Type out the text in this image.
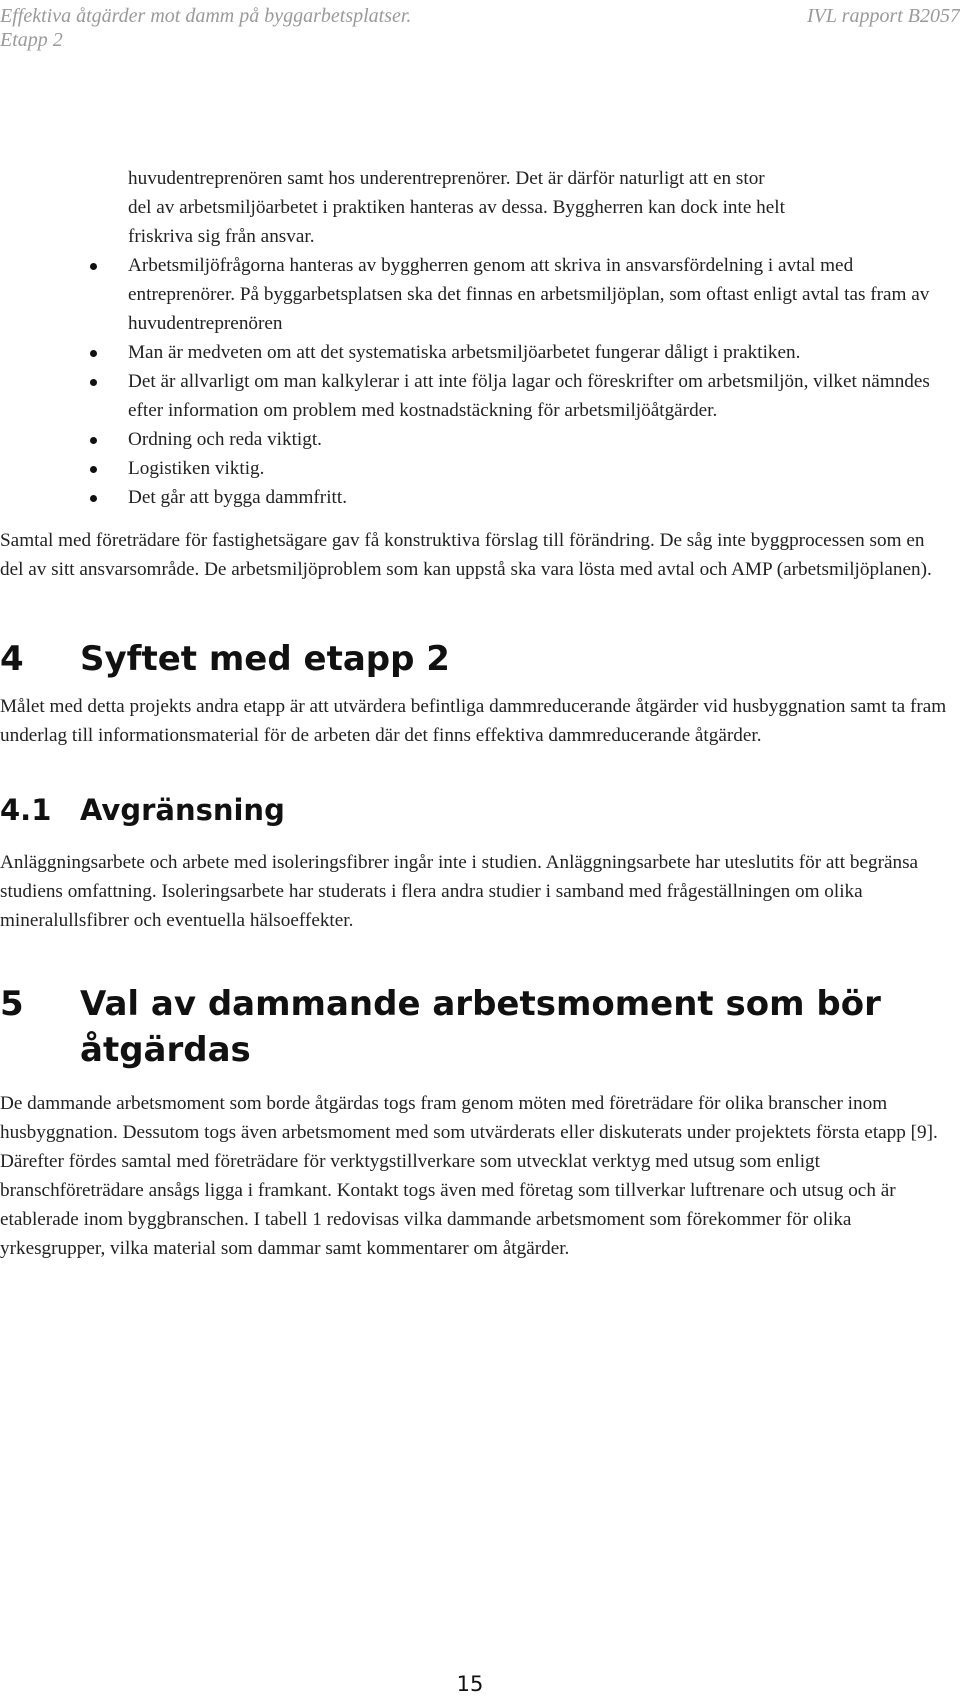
Effektiva åtgärder mot damm på byggarbetsplatser.
Etapp 2
IVL rapport B2057
huvudentreprenören samt hos underentreprenörer. Det är därför naturligt att en stor
del av arbetsmiljöarbetet i praktiken hanteras av dessa. Byggherren kan dock inte helt
friskriva sig från ansvar.
Arbetsmiljöfrågorna hanteras av byggherren genom att skriva in ansvarsfördelning i avtal med entreprenörer. På byggarbetsplatsen ska det finnas en arbetsmiljöplan, som oftast enligt avtal tas fram av huvudentreprenören
Man är medveten om att det systematiska arbetsmiljöarbetet fungerar dåligt i praktiken.
Det är allvarligt om man kalkylerar i att inte följa lagar och föreskrifter om arbetsmiljön, vilket nämndes efter information om problem med kostnadstäckning för arbetsmiljöåtgärder.
Ordning och reda viktigt.
Logistiken viktig.
Det går att bygga dammfritt.

Samtal med företrädare för fastighetsägare gav få konstruktiva förslag till förändring. De såg inte byggprocessen som en del av sitt ansvarsområde. De arbetsmiljöproblem som kan uppstå ska vara lösta med avtal och AMP (arbetsmiljöplanen).

4	Syftet med etapp 2

Målet med detta projekts andra etapp är att utvärdera befintliga dammreducerande åtgärder vid husbyggnation samt ta fram underlag till informationsmaterial för de arbeten där det finns effektiva dammreducerande åtgärder.

4.1 Avgränsning

Anläggningsarbete och arbete med isoleringsfibrer ingår inte i studien. Anläggningsarbete har uteslutits för att begränsa studiens omfattning. Isoleringsarbete har studerats i flera andra studier i samband med frågeställningen om olika mineralullsfibrer och eventuella hälsoeffekter.

5	Val av dammande arbetsmoment som bör åtgärdas

De dammande arbetsmoment som borde åtgärdas togs fram genom möten med företrädare för olika branscher inom husbyggnation. Dessutom togs även arbetsmoment med som utvärderats eller diskuterats under projektets första etapp [9]. Därefter fördes samtal med företrädare för verktygstillverkare som utvecklat verktyg med utsug som enligt branschföreträdare ansågs ligga i framkant. Kontakt togs även med företag som tillverkar luftrenare och utsug och är etablerade inom byggbranschen. I tabell 1 redovisas vilka dammande arbetsmoment som förekommer för olika yrkesgrupper, vilka material som dammar samt kommentarer om åtgärder.

15
